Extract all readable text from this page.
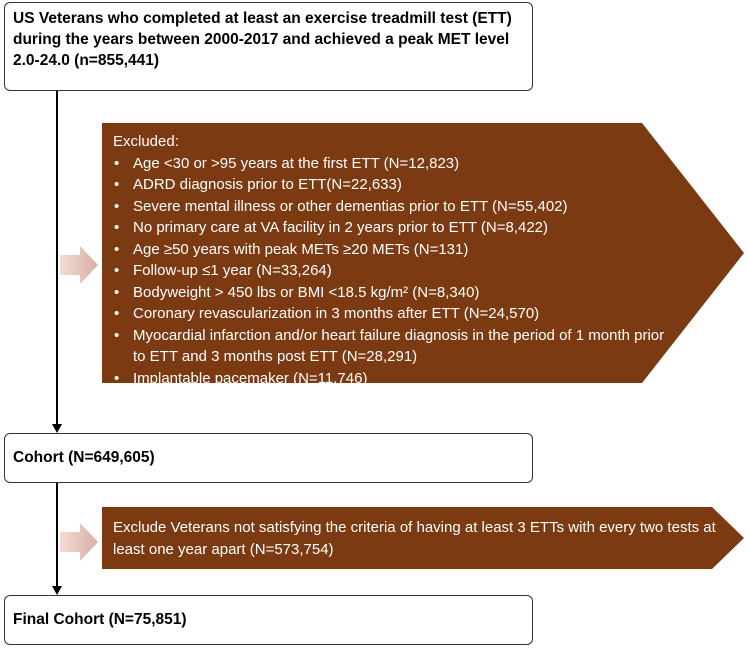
US Veterans who completed at least an exercise treadmill test (ETT) during the years between 2000-2017 and achieved a peak MET level 2.0-24.0 (n=855,441)
Excluded:
• Age <30 or >95 years at the first ETT (N=12,823)
• ADRD diagnosis prior to ETT(N=22,633)
• Severe mental illness or other dementias prior to ETT (N=55,402)
• No primary care at VA facility in 2 years prior to ETT (N=8,422)
• Age ≥50 years with peak METs ≥20 METs (N=131)
• Follow-up ≤1 year (N=33,264)
• Bodyweight > 450 lbs or BMI <18.5 kg/m² (N=8,340)
• Coronary revascularization in 3 months after ETT (N=24,570)
• Myocardial infarction and/or heart failure diagnosis in the period of 1 month prior to ETT and 3 months post ETT (N=28,291)
• Implantable pacemaker (N=11,746)
• Inconsistent death date (N=213)
Cohort (N=649,605)
Exclude Veterans not satisfying the criteria of having at least 3 ETTs with every two tests at least one year apart (N=573,754)
Final Cohort (N=75,851)
